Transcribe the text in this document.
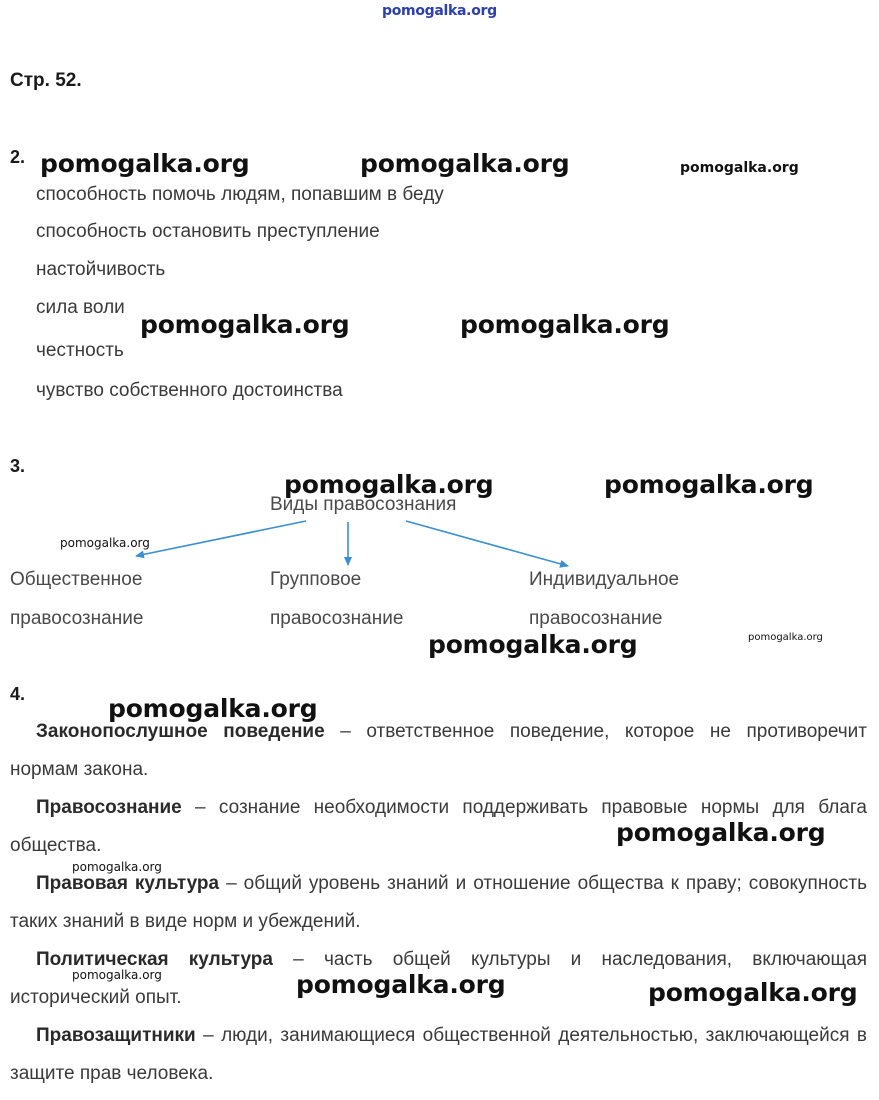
pomogalka.org
Стр. 52.
2.
способность помочь людям, попавшим в беду
способность остановить преступление
настойчивость
сила воли
честность
чувство собственного достоинства
3.
Виды правосознания
Общественное
правосознание
Групповое
правосознание
Индивидуальное
правосознание
4.

Законопослушное поведение – ответственное поведение, которое не противоречит нормам закона.

Правосознание – сознание необходимости поддерживать правовые нормы для блага общества.

Правовая культура – общий уровень знаний и отношение общества к праву; совокупность таких знаний в виде норм и убеждений.

Политическая культура – часть общей культуры и наследования, включающая исторический опыт.

Правозащитники – люди, занимающиеся общественной деятельностью, заключающейся в защите прав человека.

pomogalka.org	pomogalka.org	pomogalka.org
pomogalka.org	pomogalka.org
pomogalka.org	pomogalka.org
pomogalka.org
pomogalka.org	pomogalka.org
pomogalka.org
pomogalka.org
pomogalka.org
pomogalka.org	pomogalka.org	pomogalka.org
